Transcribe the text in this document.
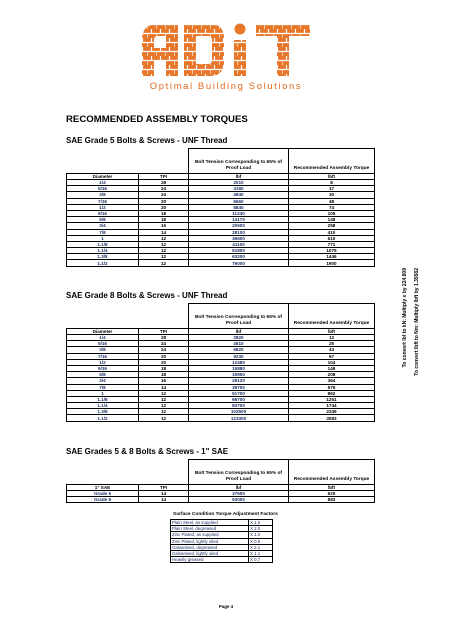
Optimal Building Solutions
RECOMMENDED ASSEMBLY TORQUES
SAE Grade 5 Bolts & Screws - UNF Thread
		Bolt Tension Corresponding to 65% of Proof Load	Recommended Assembly Torque
Diameter	TPI	lbf	lbft
1/4	28	2010	8
5/16	24	3180	17
3/8	24	4840	30
7/16	20	6560	48
1/2	20	8840	74
9/16	18	11240	105
5/8	18	14170	148
3/4	16	20600	258
7/8	14	28100	410
1	12	36600	610
1.1/8	12	41100	771
1.1/4	12	51800	1075
1.3/8	12	63200	1446
1.1/2	12	76000	1900
SAE Grade 8 Bolts & Screws - UNF Thread
		Bolt Tension Corresponding to 65% of Proof Load	Recommended Assembly Torque
Diameter	TPI	lbf	lbft
1/4	28	2820	12
5/16	24	4510	25
3/8	24	6820	43
7/16	20	9230	67
1/2	20	12480	104
9/16	18	15880	149
5/8	18	19950	208
3/4	16	29120	364
7/8	14	39700	579
1	12	51700	862
1.1/8	12	66700	1251
1.1/4	12	83700	1744
1.3/8	12	102500	2349
1.1/2	12	123300	3083
SAE Grades 5 & 8 Bolts & Screws - 1" SAE
		Bolt Tension Corresponding to 65% of Proof Load	Recommended Assembly Torque
1" SAE	TPI	lbf	lbft
Grade 5	14	37500	625
Grade 8	14	53000	883
To convert lbf to kN: Multiply x by 224.809 To convert lbft to Nm: Multiply lbft by 1.35582
Surface Condition Torque Adjustment Factors
Plain Steel, as supplied	X 1.0
Plain Steel, degreased	X 2.0
Zinc Plated, as supplied	X 1.0
Zinc Plated, lightly oiled	X 0.9
Galvanised, degreased	X 2.1
Galvanised, lightly oiled	X 1.1
Heavily greased	X 0.7
Page 4
